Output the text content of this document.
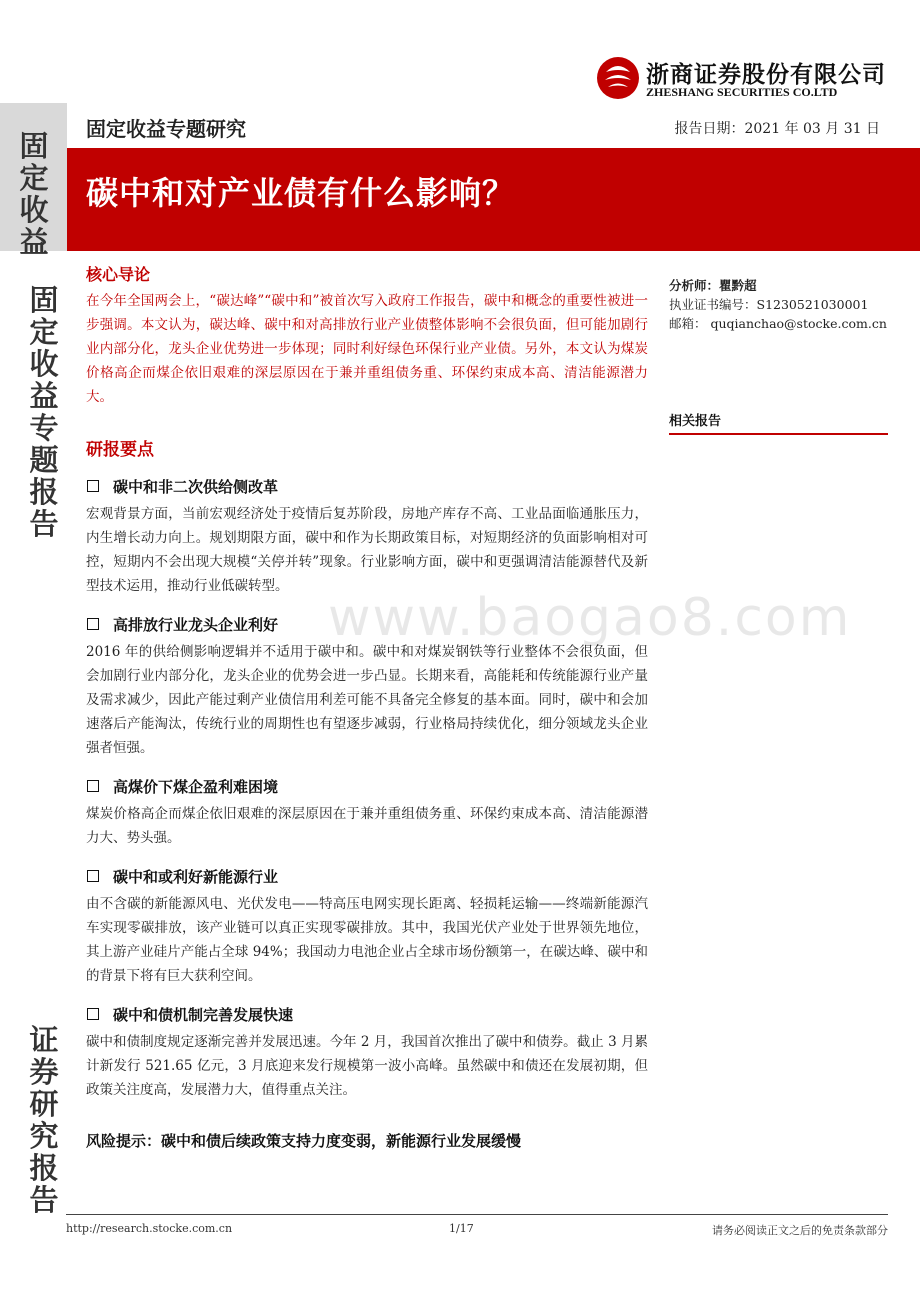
浙商证券股份有限公司
ZHESHANG SECURITIES CO.LTD
固定收益
固定收益专题研究	报告日期：2021 年 03 月 31 日
碳中和对产业债有什么影响？
固定收益专题报告
证券研究报告
www.baogao8.com
核心导论

在今年全国两会上，“碳达峰”“碳中和”被首次写入政府工作报告，碳中和概念的重要性被进一步强调。本文认为，碳达峰、碳中和对高排放行业产业债整体影响不会很负面，但可能加剧行业内部分化，龙头企业优势进一步体现；同时利好绿色环保行业产业债。另外，本文认为煤炭价格高企而煤企依旧艰难的深层原因在于兼并重组债务重、环保约束成本高、清洁能源潜力大。

研报要点
碳中和非二次供给侧改革

宏观背景方面，当前宏观经济处于疫情后复苏阶段，房地产库存不高、工业品面临通胀压力，内生增长动力向上。规划期限方面，碳中和作为长期政策目标，对短期经济的负面影响相对可控，短期内不会出现大规模“关停并转”现象。行业影响方面，碳中和更强调清洁能源替代及新型技术运用，推动行业低碳转型。

高排放行业龙头企业利好

2016 年的供给侧影响逻辑并不适用于碳中和。碳中和对煤炭钢铁等行业整体不会很负面，但会加剧行业内部分化，龙头企业的优势会进一步凸显。长期来看，高能耗和传统能源行业产量及需求减少，因此产能过剩产业债信用利差可能不具备完全修复的基本面。同时，碳中和会加速落后产能淘汰，传统行业的周期性也有望逐步减弱，行业格局持续优化，细分领域龙头企业强者恒强。

高煤价下煤企盈利难困境

煤炭价格高企而煤企依旧艰难的深层原因在于兼并重组债务重、环保约束成本高、清洁能源潜力大、势头强。

碳中和或利好新能源行业

由不含碳的新能源风电、光伏发电——特高压电网实现长距离、轻损耗运输——终端新能源汽车实现零碳排放，该产业链可以真正实现零碳排放。其中，我国光伏产业处于世界领先地位，其上游产业硅片产能占全球 94%；我国动力电池企业占全球市场份额第一，在碳达峰、碳中和的背景下将有巨大获利空间。

碳中和债机制完善发展快速

碳中和债制度规定逐渐完善并发展迅速。今年 2 月，我国首次推出了碳中和债券。截止 3 月累计新发行 521.65 亿元，3 月底迎来发行规模第一波小高峰。虽然碳中和债还在发展初期，但政策关注度高，发展潜力大，值得重点关注。

风险提示：碳中和债后续政策支持力度变弱，新能源行业发展缓慢
分析师：瞿黔超
执业证书编号：S1230521030001
邮箱： quqianchao@stocke.com.cn
相关报告
http://research.stocke.com.cn	1/17	请务必阅读正文之后的免责条款部分
